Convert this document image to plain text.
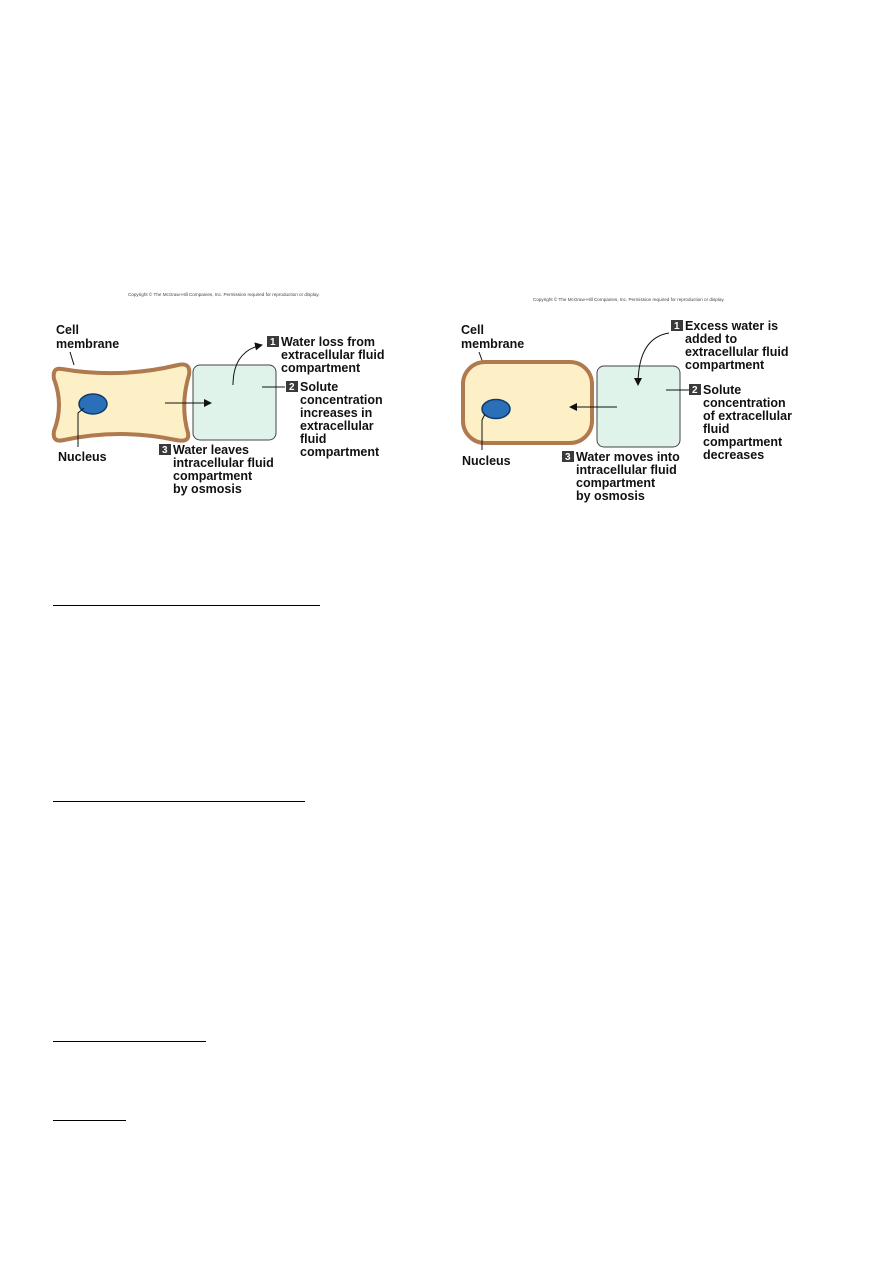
Copyright © The McGraw-Hill Companies, Inc. Permission required for reproduction or display.
Cell
membrane
Nucleus
1 Water loss from
extracellular fluid
compartment
2 Solute
concentration
increases in
extracellular
fluid
compartment
3 Water leaves
intracellular fluid
compartment
by osmosis
Copyright © The McGraw-Hill Companies, Inc. Permission required for reproduction or display.
Cell
membrane
Nucleus
1 Excess water is
added to
extracellular fluid
compartment
2 Solute
concentration
of extracellular
fluid
compartment
decreases
3 Water moves into
intracellular fluid
compartment
by osmosis
